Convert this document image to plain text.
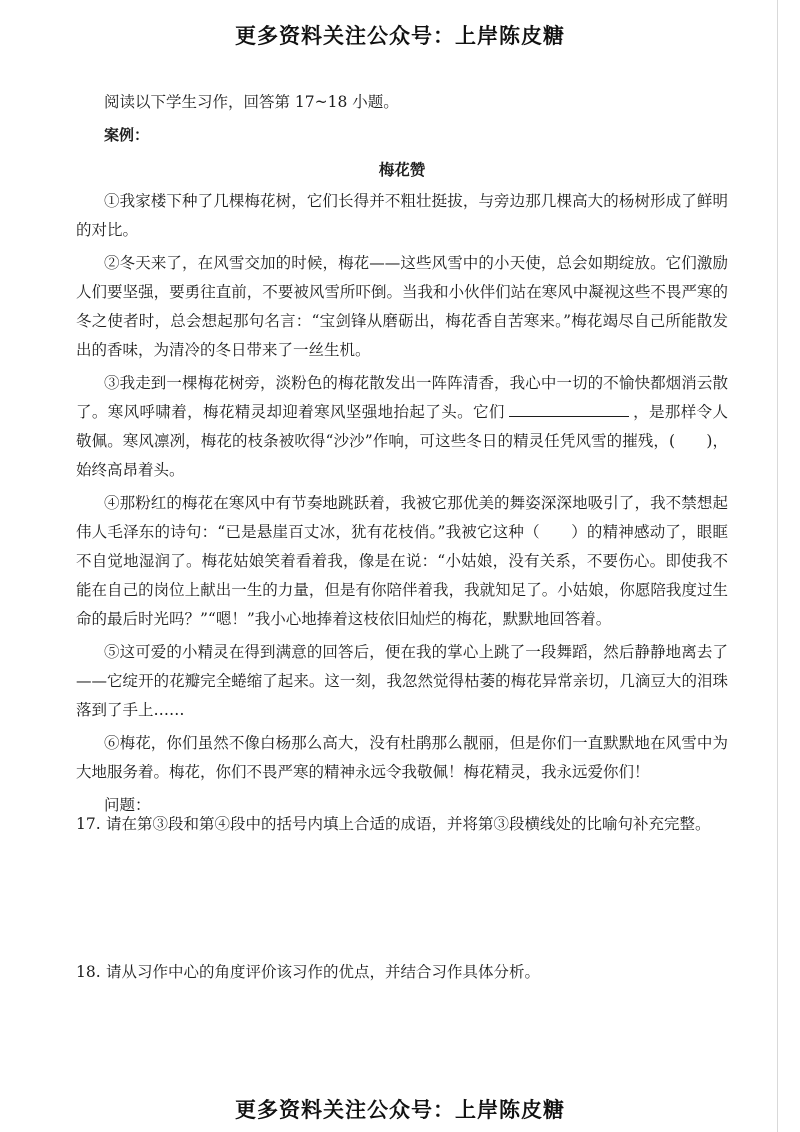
更多资料关注公众号：上岸陈皮糖

阅读以下学生习作，回答第 17~18 小题。

案例：
梅花赞

①我家楼下种了几棵梅花树，它们长得并不粗壮挺拔，与旁边那几棵高大的杨树形成了鲜明的对比。

②冬天来了，在风雪交加的时候，梅花——这些风雪中的小天使，总会如期绽放。它们激励人们要坚强，要勇往直前，不要被风雪所吓倒。当我和小伙伴们站在寒风中凝视这些不畏严寒的冬之使者时，总会想起那句名言：“宝剑锋从磨砺出，梅花香自苦寒来。”梅花竭尽自己所能散发出的香味，为清冷的冬日带来了一丝生机。

③我走到一棵梅花树旁，淡粉色的梅花散发出一阵阵清香，我心中一切的不愉快都烟消云散了。寒风呼啸着，梅花精灵却迎着寒风坚强地抬起了头。它们	，是那样令人敬佩。寒风凛冽，梅花的枝条被吹得“沙沙”作响，可这些冬日的精灵任凭风雪的摧残，(　　)，始终高昂着头。

④那粉红的梅花在寒风中有节奏地跳跃着，我被它那优美的舞姿深深地吸引了，我不禁想起伟人毛泽东的诗句：“已是悬崖百丈冰，犹有花枝俏。”我被它这种（　　）的精神感动了，眼眶不自觉地湿润了。梅花姑娘笑着看着我，像是在说：“小姑娘，没有关系，不要伤心。即使我不能在自己的岗位上献出一生的力量，但是有你陪伴着我，我就知足了。小姑娘，你愿陪我度过生命的最后时光吗？”“嗯！”我小心地捧着这枝依旧灿烂的梅花，默默地回答着。

⑤这可爱的小精灵在得到满意的回答后，便在我的掌心上跳了一段舞蹈，然后静静地离去了——它绽开的花瓣完全蜷缩了起来。这一刻，我忽然觉得枯萎的梅花异常亲切，几滴豆大的泪珠落到了手上……

⑥梅花，你们虽然不像白杨那么高大，没有杜鹃那么靓丽，但是你们一直默默地在风雪中为大地服务着。梅花，你们不畏严寒的精神永远令我敬佩！梅花精灵，我永远爱你们！

问题：
17. 请在第③段和第④段中的括号内填上合适的成语，并将第③段横线处的比喻句补充完整。
18. 请从习作中心的角度评价该习作的优点，并结合习作具体分析。
更多资料关注公众号：上岸陈皮糖
